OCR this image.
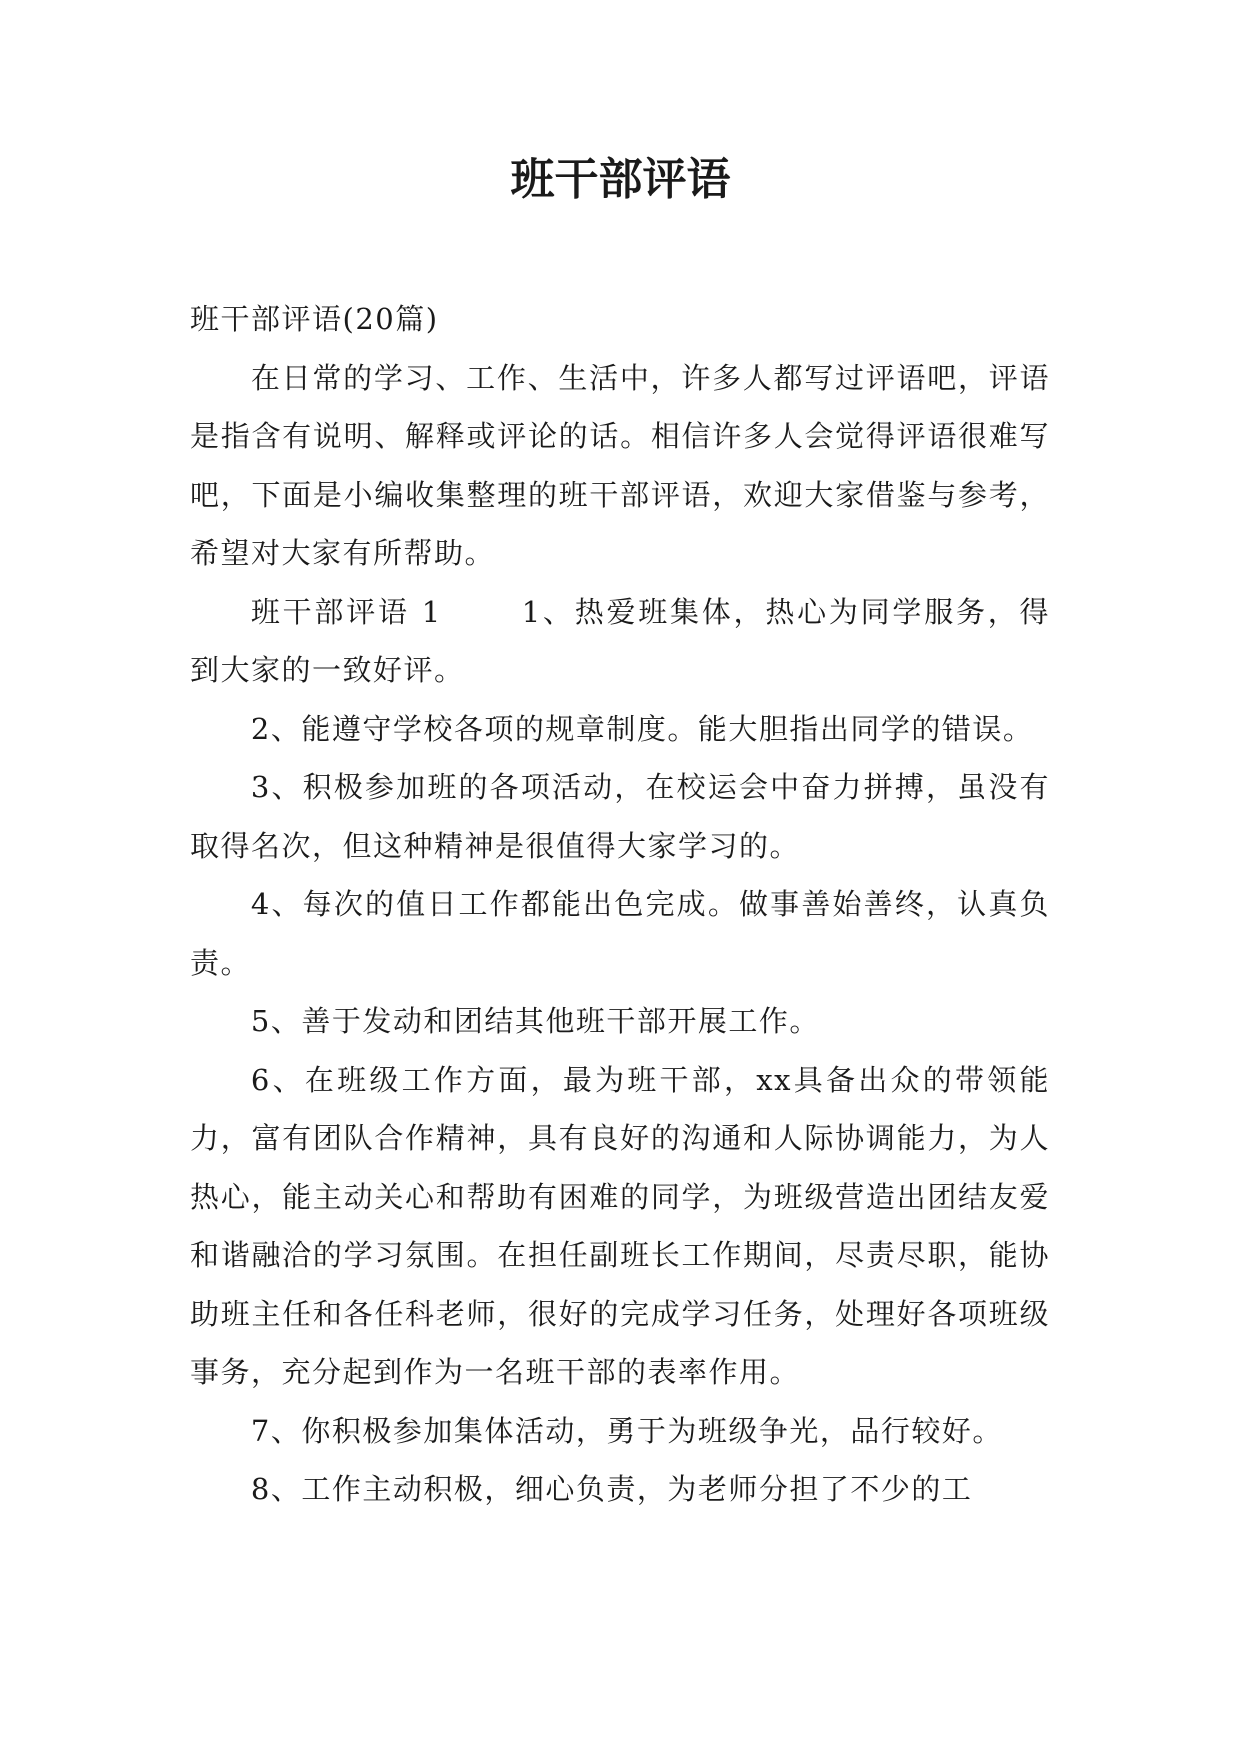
班干部评语

班干部评语(20篇)

在日常的学习、工作、生活中，许多人都写过评语吧，评语是指含有说明、解释或评论的话。相信许多人会觉得评语很难写吧，下面是小编收集整理的班干部评语，欢迎大家借鉴与参考，希望对大家有所帮助。

班干部评语 1	1、热爱班集体，热心为同学服务，得到大家的一致好评。

2、能遵守学校各项的规章制度。能大胆指出同学的错误。

3、积极参加班的各项活动，在校运会中奋力拼搏，虽没有取得名次，但这种精神是很值得大家学习的。

4、每次的值日工作都能出色完成。做事善始善终，认真负责。

5、善于发动和团结其他班干部开展工作。

6、在班级工作方面，最为班干部，xx具备出众的带领能力，富有团队合作精神，具有良好的沟通和人际协调能力，为人热心，能主动关心和帮助有困难的同学，为班级营造出团结友爱和谐融洽的学习氛围。在担任副班长工作期间，尽责尽职，能协助班主任和各任科老师，很好的完成学习任务，处理好各项班级事务，充分起到作为一名班干部的表率作用。

7、你积极参加集体活动，勇于为班级争光，品行较好。

8、工作主动积极，细心负责，为老师分担了不少的工
